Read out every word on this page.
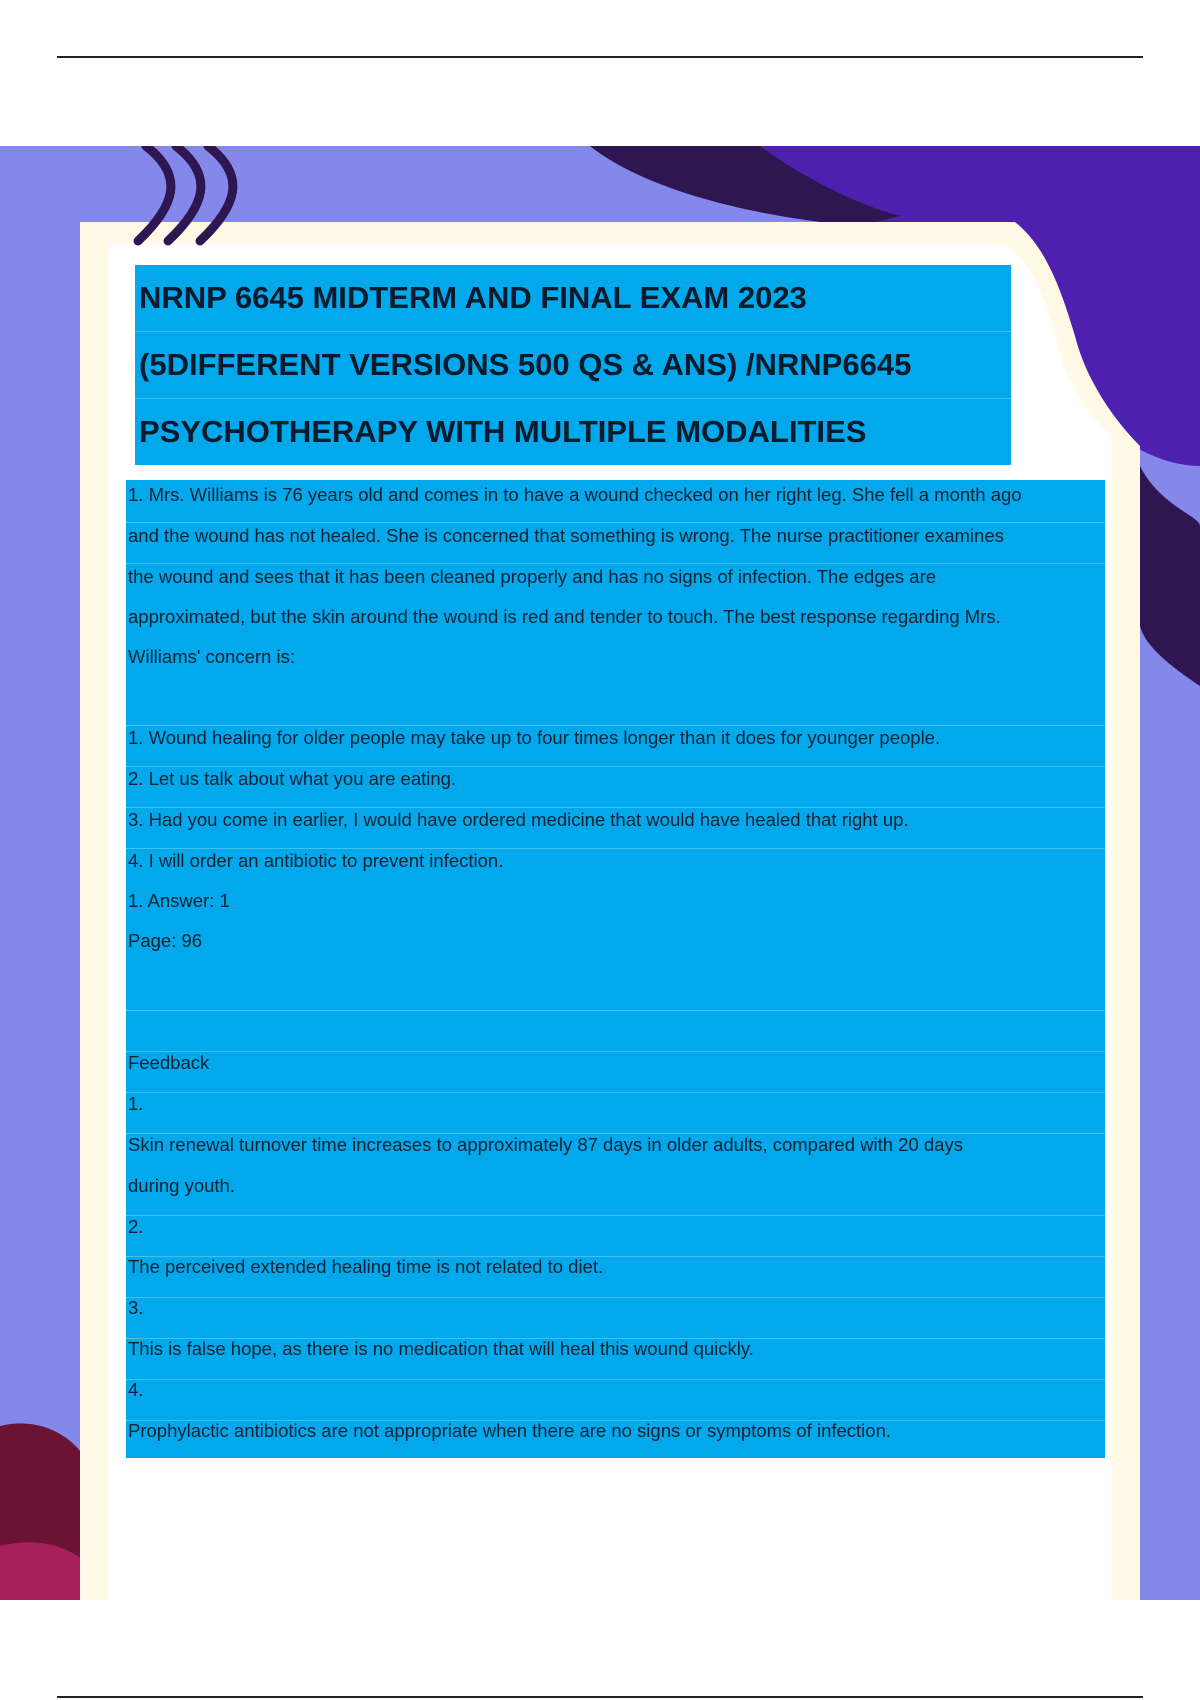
NRNP 6645 MIDTERM AND FINAL EXAM 2023
(5DIFFERENT VERSIONS 500 QS & ANS) /NRNP6645
PSYCHOTHERAPY WITH MULTIPLE MODALITIES
1. Mrs. Williams is 76 years old and comes in to have a wound checked on her right leg. She fell a month ago
and the wound has not healed. She is concerned that something is wrong. The nurse practitioner examines
the wound and sees that it has been cleaned properly and has no signs of infection. The edges are
approximated, but the skin around the wound is red and tender to touch. The best response regarding Mrs.
Williams' concern is:
1. Wound healing for older people may take up to four times longer than it does for younger people.
2. Let us talk about what you are eating.
3. Had you come in earlier, I would have ordered medicine that would have healed that right up.
4. I will order an antibiotic to prevent infection.
1. Answer: 1
Page: 96
Feedback
1.
Skin renewal turnover time increases to approximately 87 days in older adults, compared with 20 days
during youth.
2.
The perceived extended healing time is not related to diet.
3.
This is false hope, as there is no medication that will heal this wound quickly.
4.
Prophylactic antibiotics are not appropriate when there are no signs or symptoms of infection.
